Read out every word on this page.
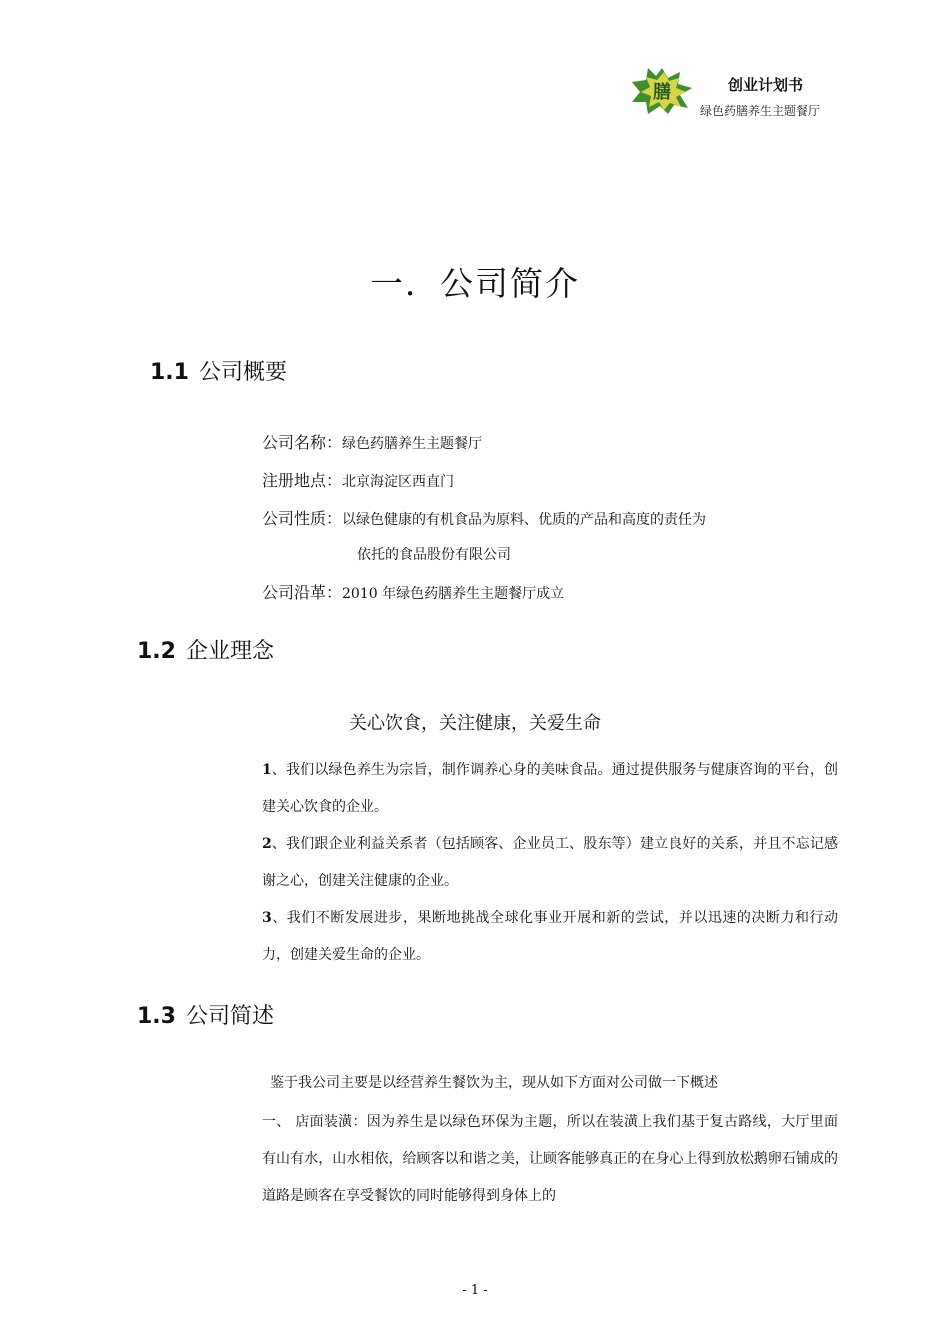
膳	创业计划书
绿色药膳养生主题餐厅
一．公司简介
1.1 公司概要
公司名称：绿色药膳养生主题餐厅
注册地点：北京海淀区西直门
公司性质：以绿色健康的有机食品为原料、优质的产品和高度的责任为
依托的食品股份有限公司
公司沿革：2010 年绿色药膳养生主题餐厅成立
1.2 企业理念
关心饮食，关注健康，关爱生命
1、我们以绿色养生为宗旨，制作调养心身的美味食品。通过提供服务与健康咨询的平台，创建关心饮食的企业。
2、我们跟企业利益关系者（包括顾客、企业员工、股东等）建立良好的关系，并且不忘记感谢之心，创建关注健康的企业。
3、我们不断发展进步，果断地挑战全球化事业开展和新的尝试，并以迅速的决断力和行动力，创建关爱生命的企业。
1.3 公司简述
鉴于我公司主要是以经营养生餐饮为主，现从如下方面对公司做一下概述
一、 店面装潢：因为养生是以绿色环保为主题，所以在装潢上我们基于复古路线，大厅里面有山有水，山水相依，给顾客以和谐之美，让顾客能够真正的在身心上得到放松鹅卵石铺成的道路是顾客在享受餐饮的同时能够得到身体上的
- 1 -
